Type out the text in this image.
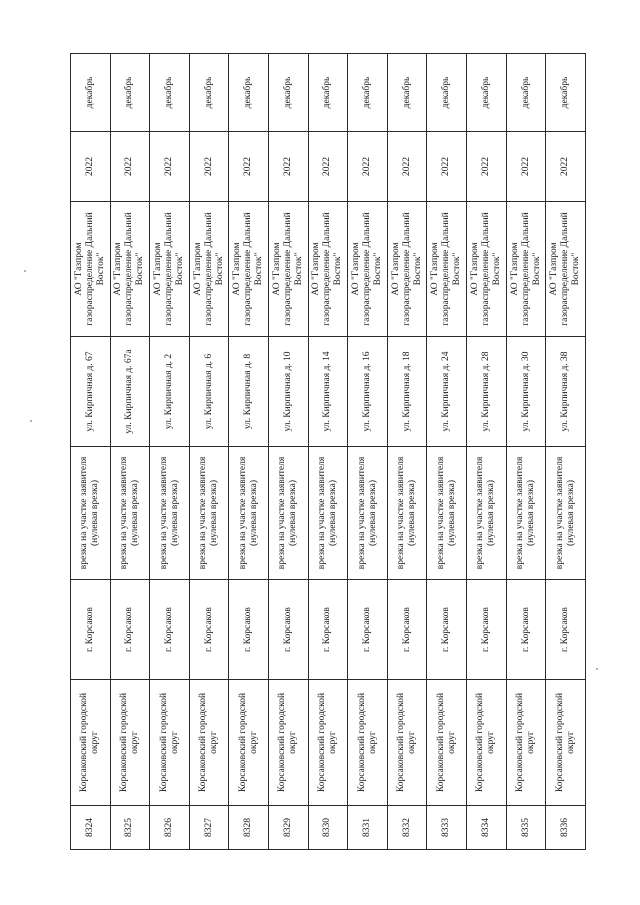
8324	Корсаковский городской округ	г. Корсаков	врезка на участке заявителя (нулевая врезка)	ул. Кирпичная д. 67	АО "Газпром газораспределение Дальний Восток"	2022	декабрь
8325	Корсаковский городской округ	г. Корсаков	врезка на участке заявителя (нулевая врезка)	ул. Кирпичная д. 67а	АО "Газпром газораспределение Дальний Восток"	2022	декабрь
8326	Корсаковский городской округ	г. Корсаков	врезка на участке заявителя (нулевая врезка)	ул. Кирпичная д. 2	АО "Газпром газораспределение Дальний Восток"	2022	декабрь
8327	Корсаковский городской округ	г. Корсаков	врезка на участке заявителя (нулевая врезка)	ул. Кирпичная д. 6	АО "Газпром газораспределение Дальний Восток"	2022	декабрь
8328	Корсаковский городской округ	г. Корсаков	врезка на участке заявителя (нулевая врезка)	ул. Кирпичная д. 8	АО "Газпром газораспределение Дальний Восток"	2022	декабрь
8329	Корсаковский городской округ	г. Корсаков	врезка на участке заявителя (нулевая врезка)	ул. Кирпичная д. 10	АО "Газпром газораспределение Дальний Восток"	2022	декабрь
8330	Корсаковский городской округ	г. Корсаков	врезка на участке заявителя (нулевая врезка)	ул. Кирпичная д. 14	АО "Газпром газораспределение Дальний Восток"	2022	декабрь
8331	Корсаковский городской округ	г. Корсаков	врезка на участке заявителя (нулевая врезка)	ул. Кирпичная д. 16	АО "Газпром газораспределение Дальний Восток"	2022	декабрь
8332	Корсаковский городской округ	г. Корсаков	врезка на участке заявителя (нулевая врезка)	ул. Кирпичная д. 18	АО "Газпром газораспределение Дальний Восток"	2022	декабрь
8333	Корсаковский городской округ	г. Корсаков	врезка на участке заявителя (нулевая врезка)	ул. Кирпичная д. 24	АО "Газпром газораспределение Дальний Восток"	2022	декабрь
8334	Корсаковский городской округ	г. Корсаков	врезка на участке заявителя (нулевая врезка)	ул. Кирпичная д. 28	АО "Газпром газораспределение Дальний Восток"	2022	декабрь
8335	Корсаковский городской округ	г. Корсаков	врезка на участке заявителя (нулевая врезка)	ул. Кирпичная д. 30	АО "Газпром газораспределение Дальний Восток"	2022	декабрь
8336	Корсаковский городской округ	г. Корсаков	врезка на участке заявителя (нулевая врезка)	ул. Кирпичная д. 38	АО "Газпром газораспределение Дальний Восток"	2022	декабрь
